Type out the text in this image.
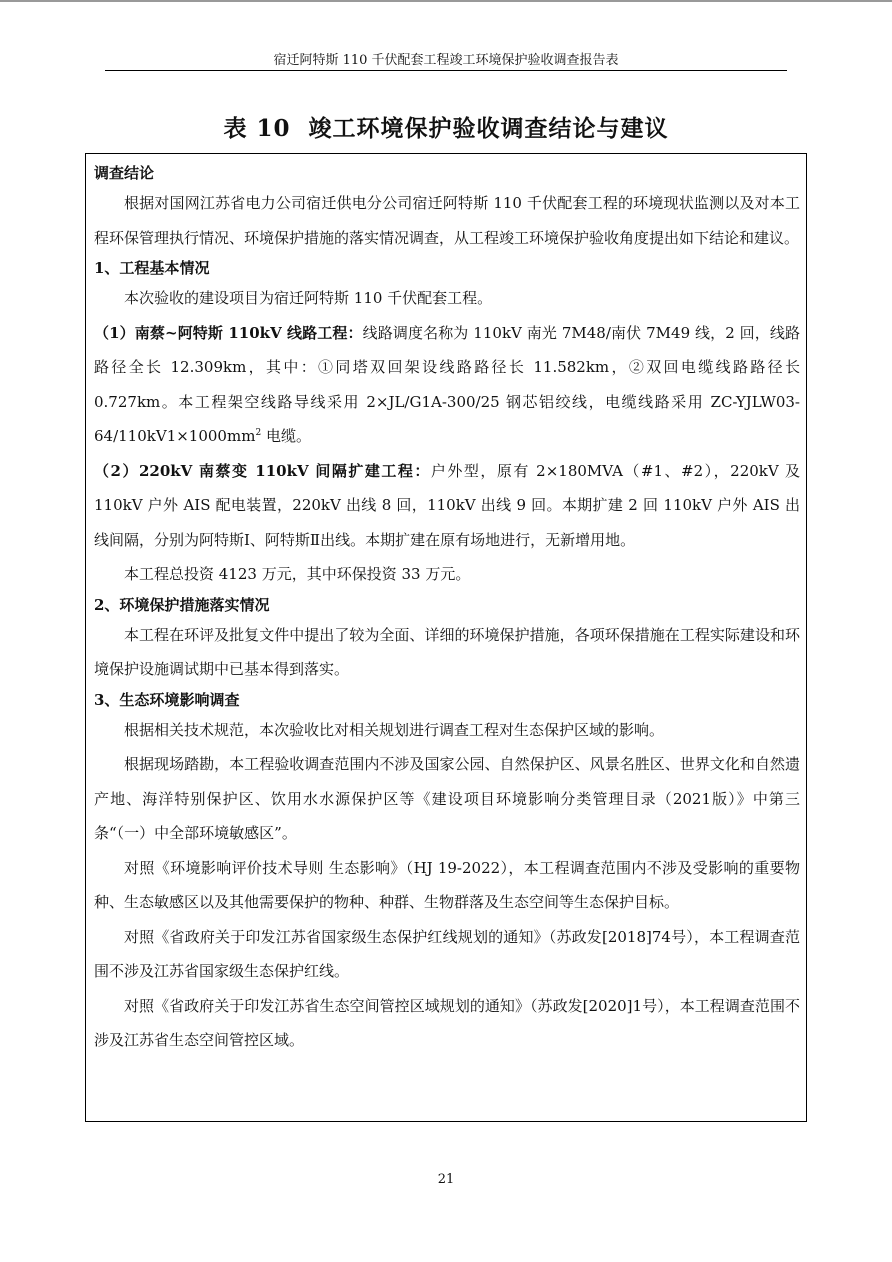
宿迁阿特斯 110 千伏配套工程竣工环境保护验收调查报告表
表 10 竣工环境保护验收调查结论与建议

调查结论

根据对国网江苏省电力公司宿迁供电分公司宿迁阿特斯 110 千伏配套工程的环境现状监测以及对本工程环保管理执行情况、环境保护措施的落实情况调查，从工程竣工环境保护验收角度提出如下结论和建议。

1、工程基本情况

本次验收的建设项目为宿迁阿特斯 110 千伏配套工程。

（1）南蔡~阿特斯 110kV 线路工程：线路调度名称为 110kV 南光 7M48/南伏 7M49 线，2 回，线路路径全长 12.309km，其中：①同塔双回架设线路路径长 11.582km，②双回电缆线路路径长 0.727km。本工程架空线路导线采用 2×JL/G1A-300/25 钢芯铝绞线，电缆线路采用 $ZC-YJLW03-64/110kV1\times 1000mm^2$ 电缆。

（2）220kV 南蔡变 110kV 间隔扩建工程：户外型，原有 2×180MVA（#1、#2），220kV 及 110kV 户外 AIS 配电装置，220kV 出线 8 回，110kV 出线 9 回。本期扩建 2 回 110kV 户外 AIS 出线间隔，分别为阿特斯Ⅰ、阿特斯Ⅱ出线。本期扩建在原有场地进行，无新增用地。

本工程总投资 4123 万元，其中环保投资 33 万元。

2、环境保护措施落实情况

本工程在环评及批复文件中提出了较为全面、详细的环境保护措施，各项环保措施在工程实际建设和环境保护设施调试期中已基本得到落实。

3、生态环境影响调查

根据相关技术规范，本次验收比对相关规划进行调查工程对生态保护区域的影响。

根据现场踏勘，本工程验收调查范围内不涉及国家公园、自然保护区、风景名胜区、世界文化和自然遗产地、海洋特别保护区、饮用水水源保护区等《建设项目环境影响分类管理目录（2021版）》中第三条“（一）中全部环境敏感区”。

对照《环境影响评价技术导则 生态影响》（HJ 19-2022），本工程调查范围内不涉及受影响的重要物种、生态敏感区以及其他需要保护的物种、种群、生物群落及生态空间等生态保护目标。

对照《省政府关于印发江苏省国家级生态保护红线规划的通知》（苏政发[2018]74号），本工程调查范围不涉及江苏省国家级生态保护红线。

对照《省政府关于印发江苏省生态空间管控区域规划的通知》（苏政发[2020]1号），本工程调查范围不涉及江苏省生态空间管控区域。

21
